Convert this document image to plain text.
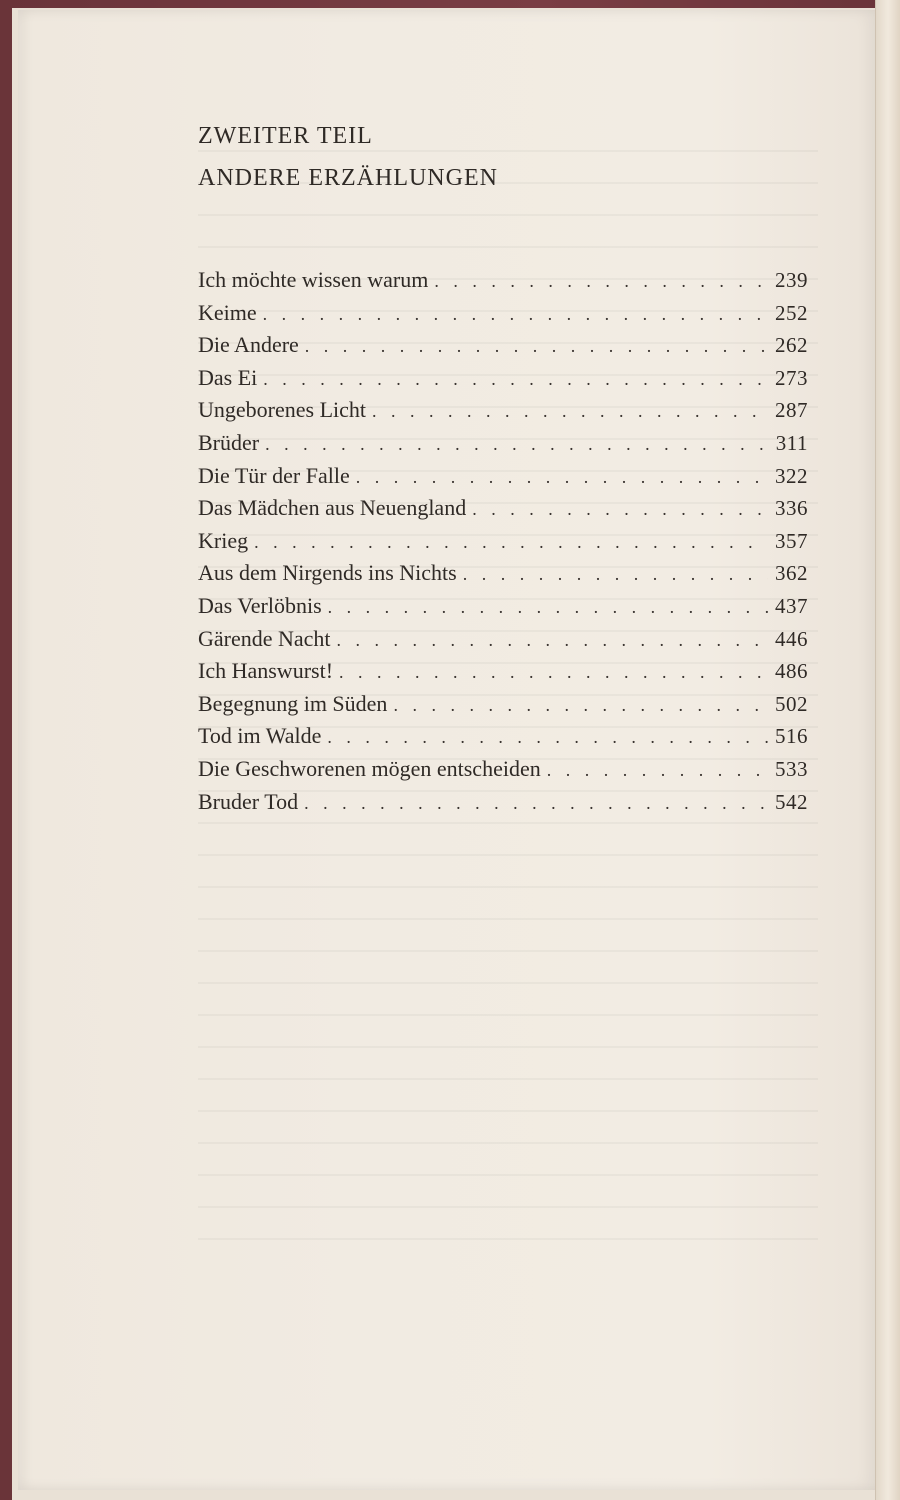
ZWEITER TEIL
ANDERE ERZÄHLUNGEN
Ich möchte wissen warum . . .	239
Keime . . .	252
Die Andere . . .	262
Das Ei . . .	273
Ungeborenes Licht . . .	287
Brüder . . .	311
Die Tür der Falle . . .	322
Das Mädchen aus Neuengland . . .	336
Krieg . . .	357
Aus dem Nirgends ins Nichts . . .	362
Das Verlöbnis . . .	437
Gärende Nacht . . .	446
Ich Hanswurst! . . .	486
Begegnung im Süden . . .	502
Tod im Walde . . .	516
Die Geschworenen mögen entscheiden . . .	533
Bruder Tod . . .	542
